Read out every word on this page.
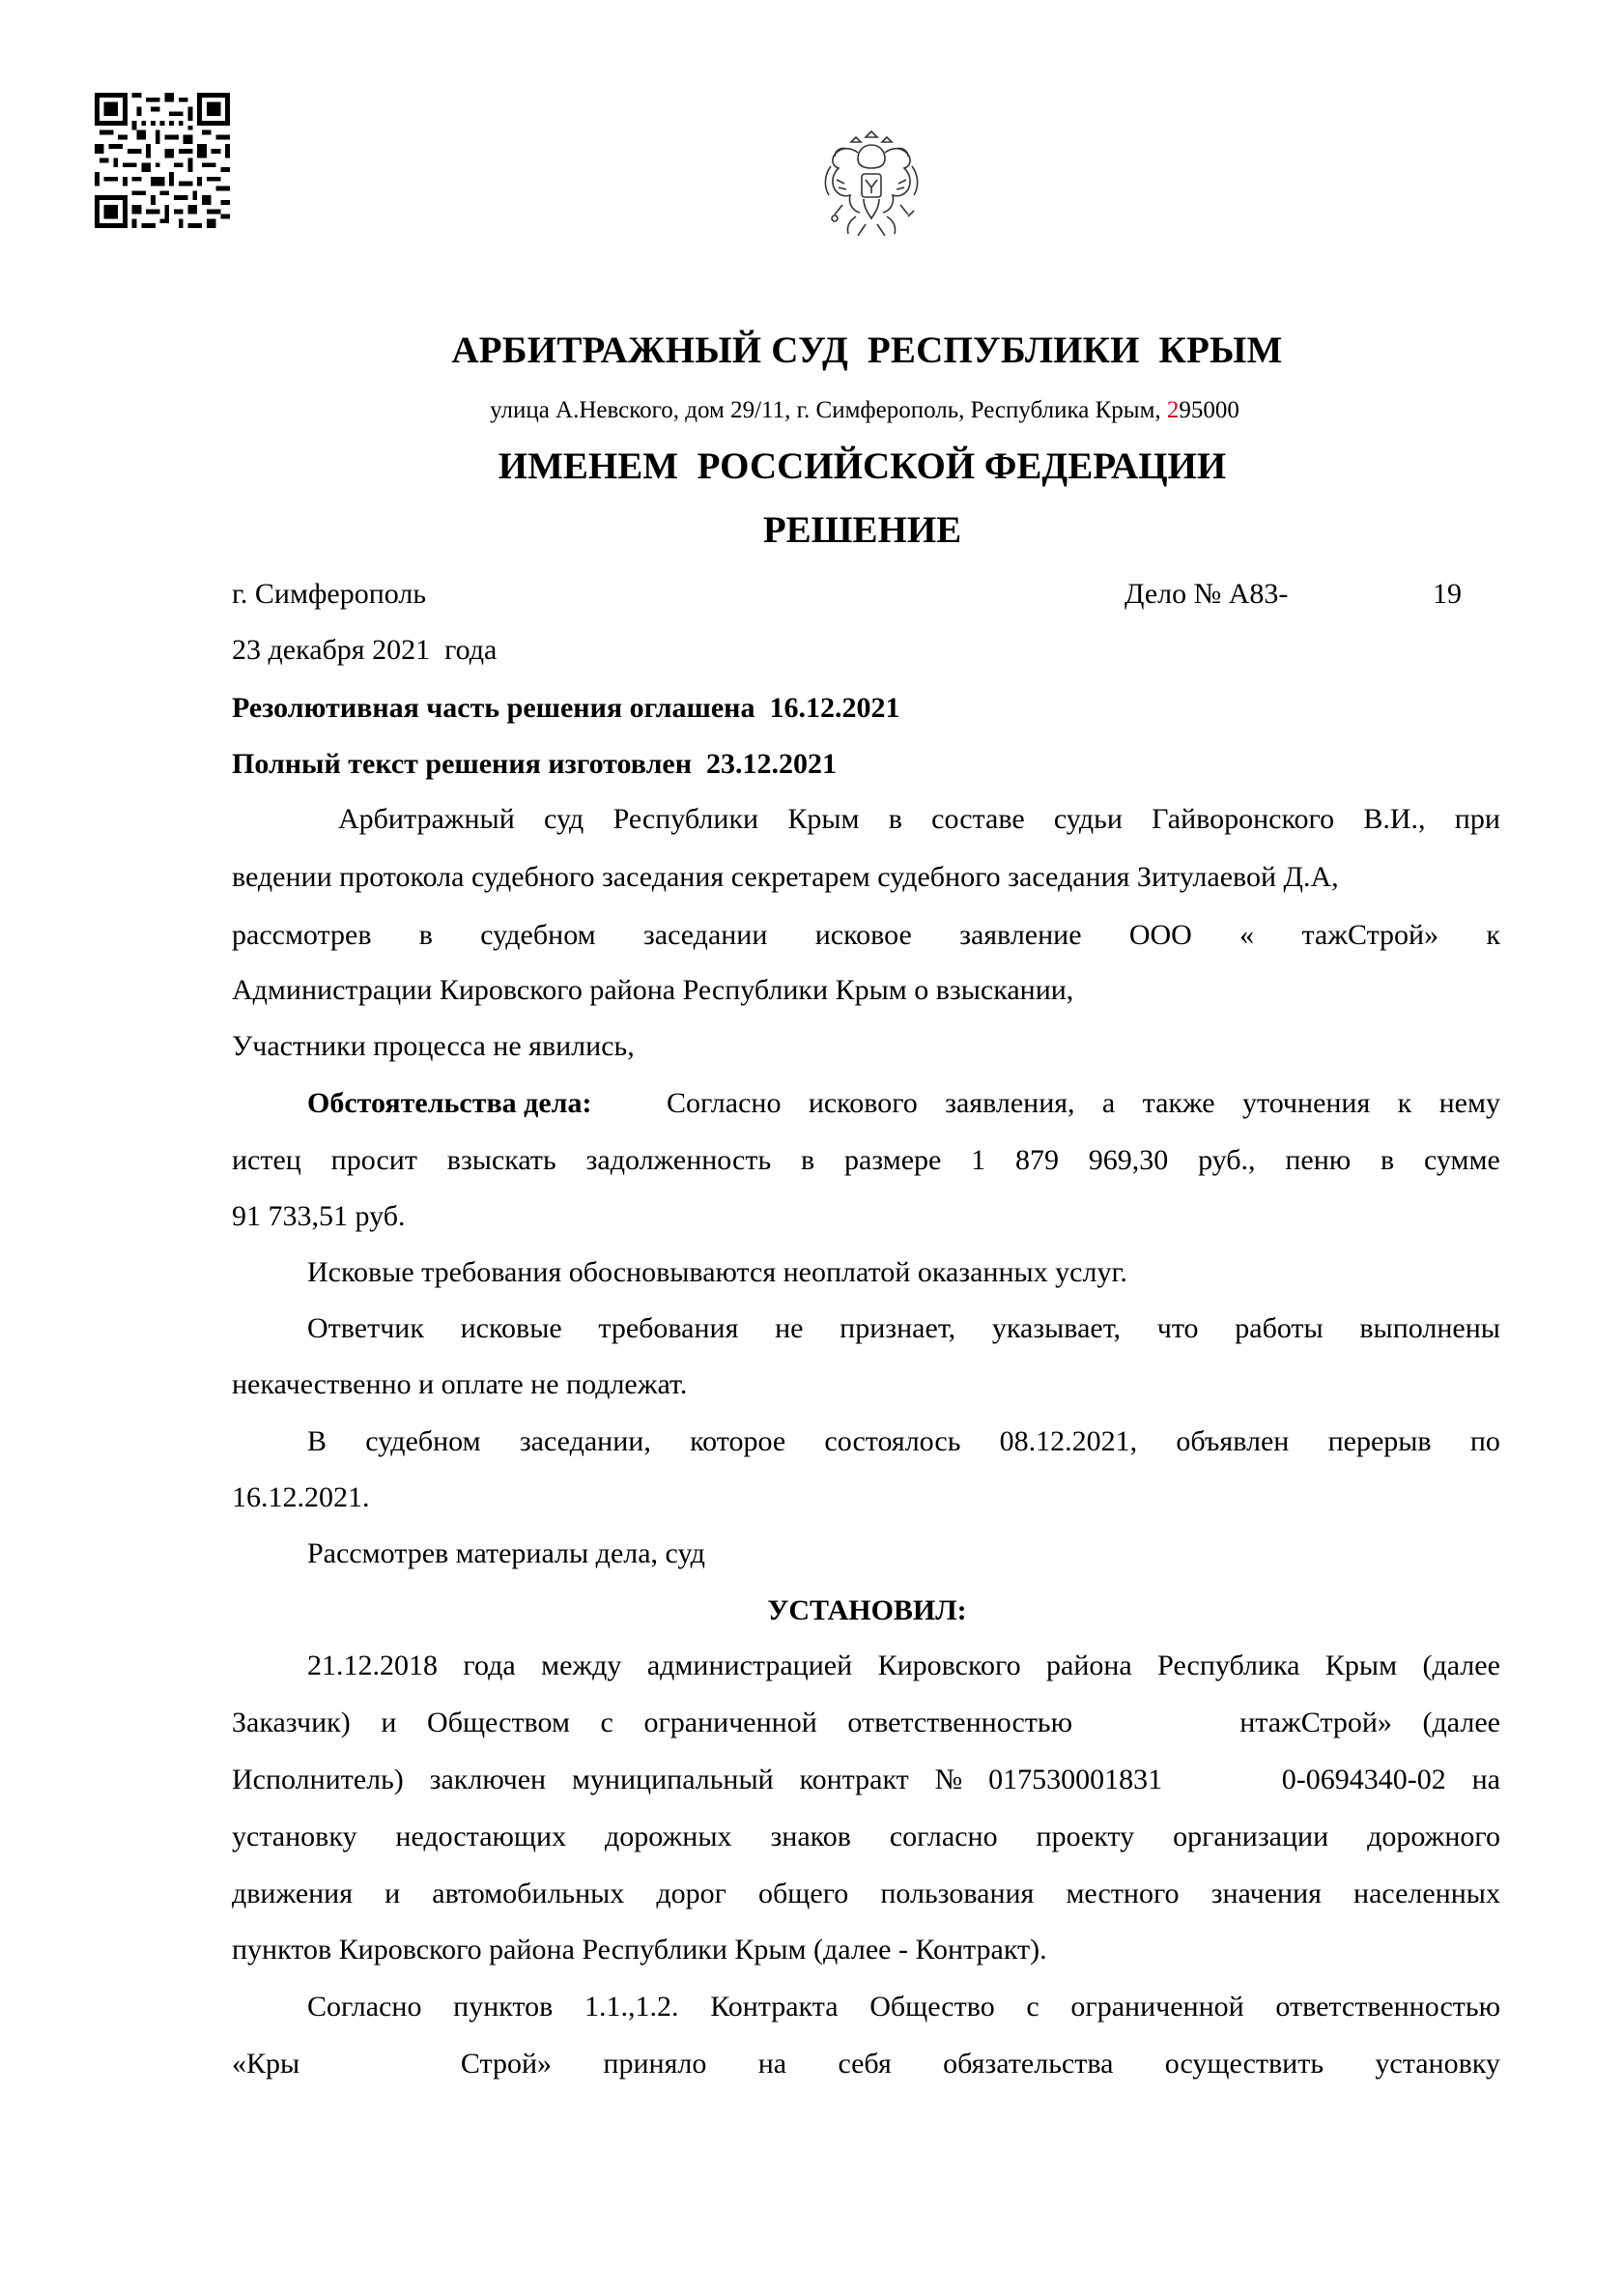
АРБИТРАЖНЫЙ СУД  РЕСПУБЛИКИ  КРЫМ
улица А.Невского, дом 29/11, г. Симферополь, Республика Крым, 295000
ИМЕНЕМ  РОССИЙСКОЙ ФЕДЕРАЦИИ
РЕШЕНИЕ
г. Симферополь	Дело № А83-	19
23 декабря 2021  года
Резолютивная часть решения оглашена  16.12.2021
Полный текст решения изготовлен  23.12.2021
Арбитражный суд Республики Крым в составе судьи Гайворонского В.И., при
ведении протокола судебного заседания секретарем судебного заседания Зитулаевой Д.А,
рассмотрев в судебном заседании исковое заявление ООО « тажСтрой» к
Администрации Кировского района Республики Крым о взыскании,
Участники процесса не явились,
Обстоятельства дела:	Согласно искового заявления, а также уточнения к нему
истец просит взыскать задолженность в размере 1 879 969,30 руб., пеню в сумме
91 733,51 руб.
Исковые требования обосновываются неоплатой оказанных услуг.
Ответчик исковые требования не признает, указывает, что работы выполнены
некачественно и оплате не подлежат.
В судебном заседании, которое состоялось 08.12.2021, объявлен перерыв по
16.12.2021.
Рассмотрев материалы дела, суд
УСТАНОВИЛ:
21.12.2018 года между администрацией Кировского района Республика Крым (далее
Заказчик) и Обществом с ограниченной ответственностью	нтажСтрой» (далее
Исполнитель) заключен муниципальный контракт № 017530001831	0-0694340-02 на
установку недостающих дорожных знаков согласно проекту организации дорожного
движения и автомобильных дорог общего пользования местного значения населенных
пунктов Кировского района Республики Крым (далее - Контракт).
Согласно пунктов 1.1.,1.2. Контракта Общество с ограниченной ответственностью
«Кры	Строй» приняло на себя обязательства осуществить установку
